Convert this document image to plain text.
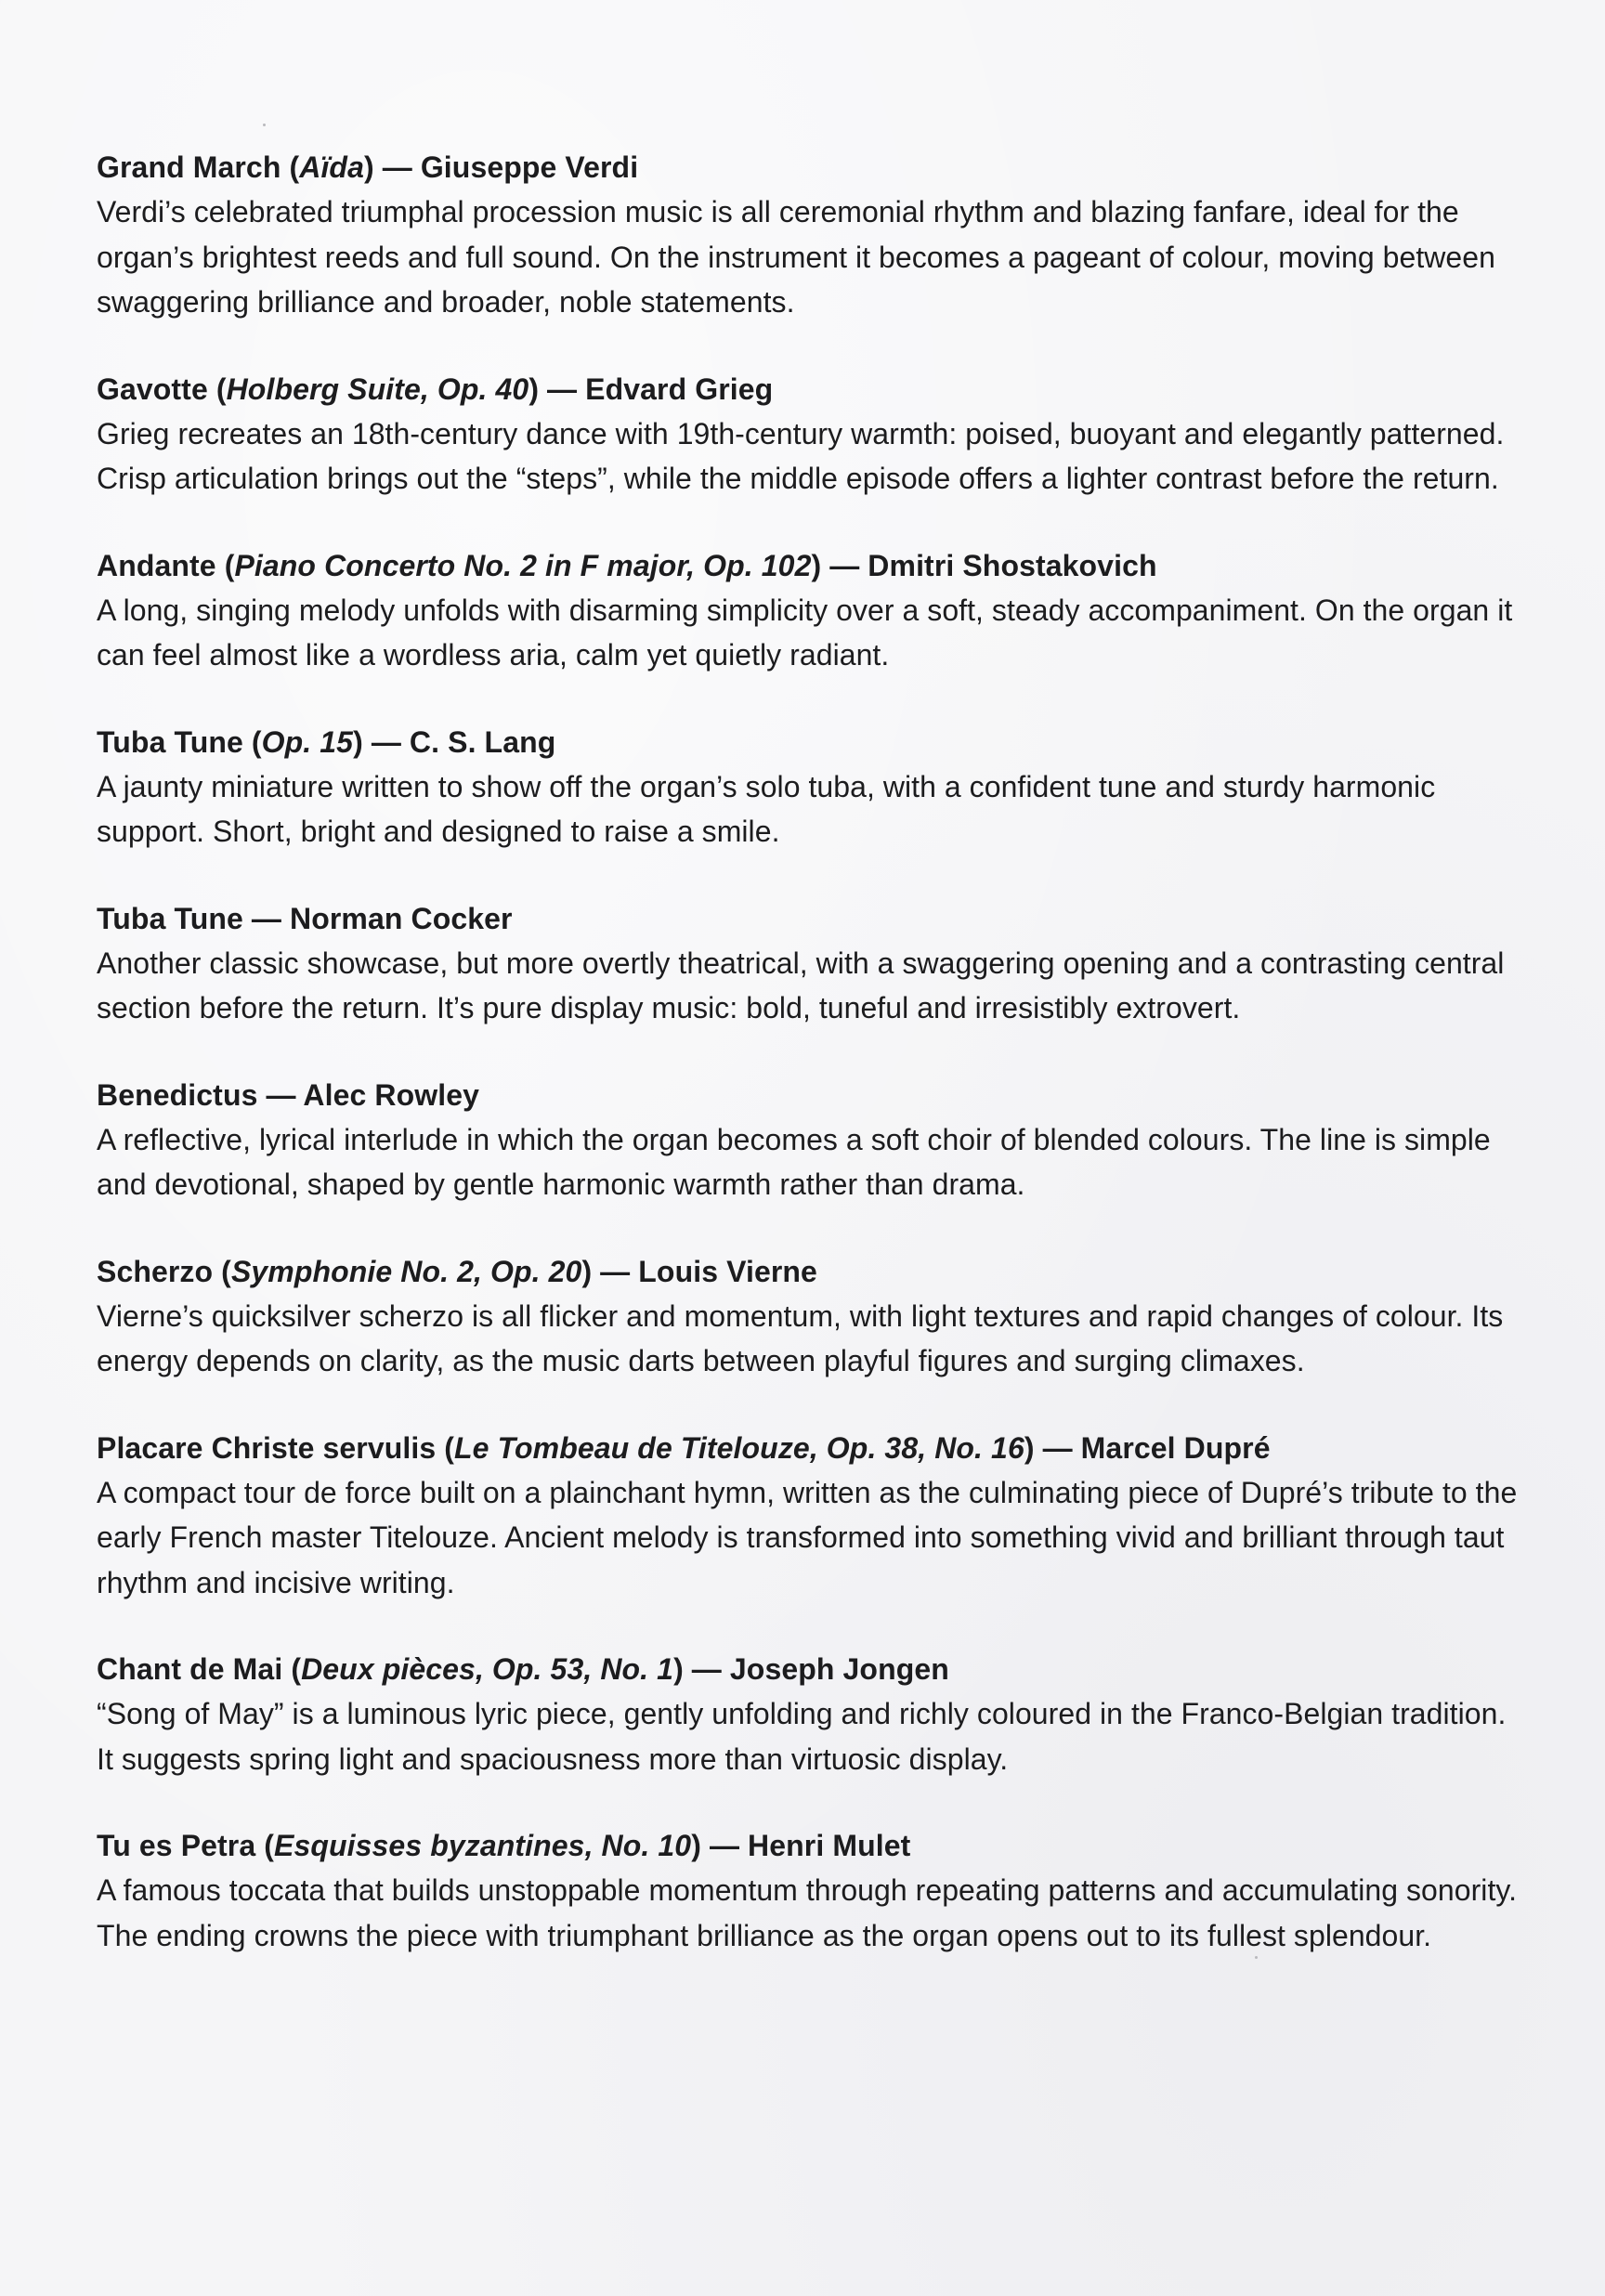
Grand March (Aïda) — Giuseppe Verdi

Verdi’s celebrated triumphal procession music is all ceremonial rhythm and blazing fanfare, ideal for the organ’s brightest reeds and full sound. On the instrument it becomes a pageant of colour, moving between swaggering brilliance and broader, noble statements.

Gavotte (Holberg Suite, Op. 40) — Edvard Grieg

Grieg recreates an 18th-century dance with 19th-century warmth: poised, buoyant and elegantly patterned. Crisp articulation brings out the “steps”, while the middle episode offers a lighter contrast before the return.

Andante (Piano Concerto No. 2 in F major, Op. 102) — Dmitri Shostakovich

A long, singing melody unfolds with disarming simplicity over a soft, steady accompaniment. On the organ it can feel almost like a wordless aria, calm yet quietly radiant.

Tuba Tune (Op. 15) — C. S. Lang

A jaunty miniature written to show off the organ’s solo tuba, with a confident tune and sturdy harmonic support. Short, bright and designed to raise a smile.

Tuba Tune — Norman Cocker

Another classic showcase, but more overtly theatrical, with a swaggering opening and a contrasting central section before the return. It’s pure display music: bold, tuneful and irresistibly extrovert.

Benedictus — Alec Rowley

A reflective, lyrical interlude in which the organ becomes a soft choir of blended colours. The line is simple and devotional, shaped by gentle harmonic warmth rather than drama.

Scherzo (Symphonie No. 2, Op. 20) — Louis Vierne

Vierne’s quicksilver scherzo is all flicker and momentum, with light textures and rapid changes of colour. Its energy depends on clarity, as the music darts between playful figures and surging climaxes.

Placare Christe servulis (Le Tombeau de Titelouze, Op. 38, No. 16) — Marcel Dupré

A compact tour de force built on a plainchant hymn, written as the culminating piece of Dupré’s tribute to the early French master Titelouze. Ancient melody is transformed into something vivid and brilliant through taut rhythm and incisive writing.

Chant de Mai (Deux pièces, Op. 53, No. 1) — Joseph Jongen

“Song of May” is a luminous lyric piece, gently unfolding and richly coloured in the Franco-Belgian tradition. It suggests spring light and spaciousness more than virtuosic display.

Tu es Petra (Esquisses byzantines, No. 10) — Henri Mulet

A famous toccata that builds unstoppable momentum through repeating patterns and accumulating sonority. The ending crowns the piece with triumphant brilliance as the organ opens out to its fullest splendour.
